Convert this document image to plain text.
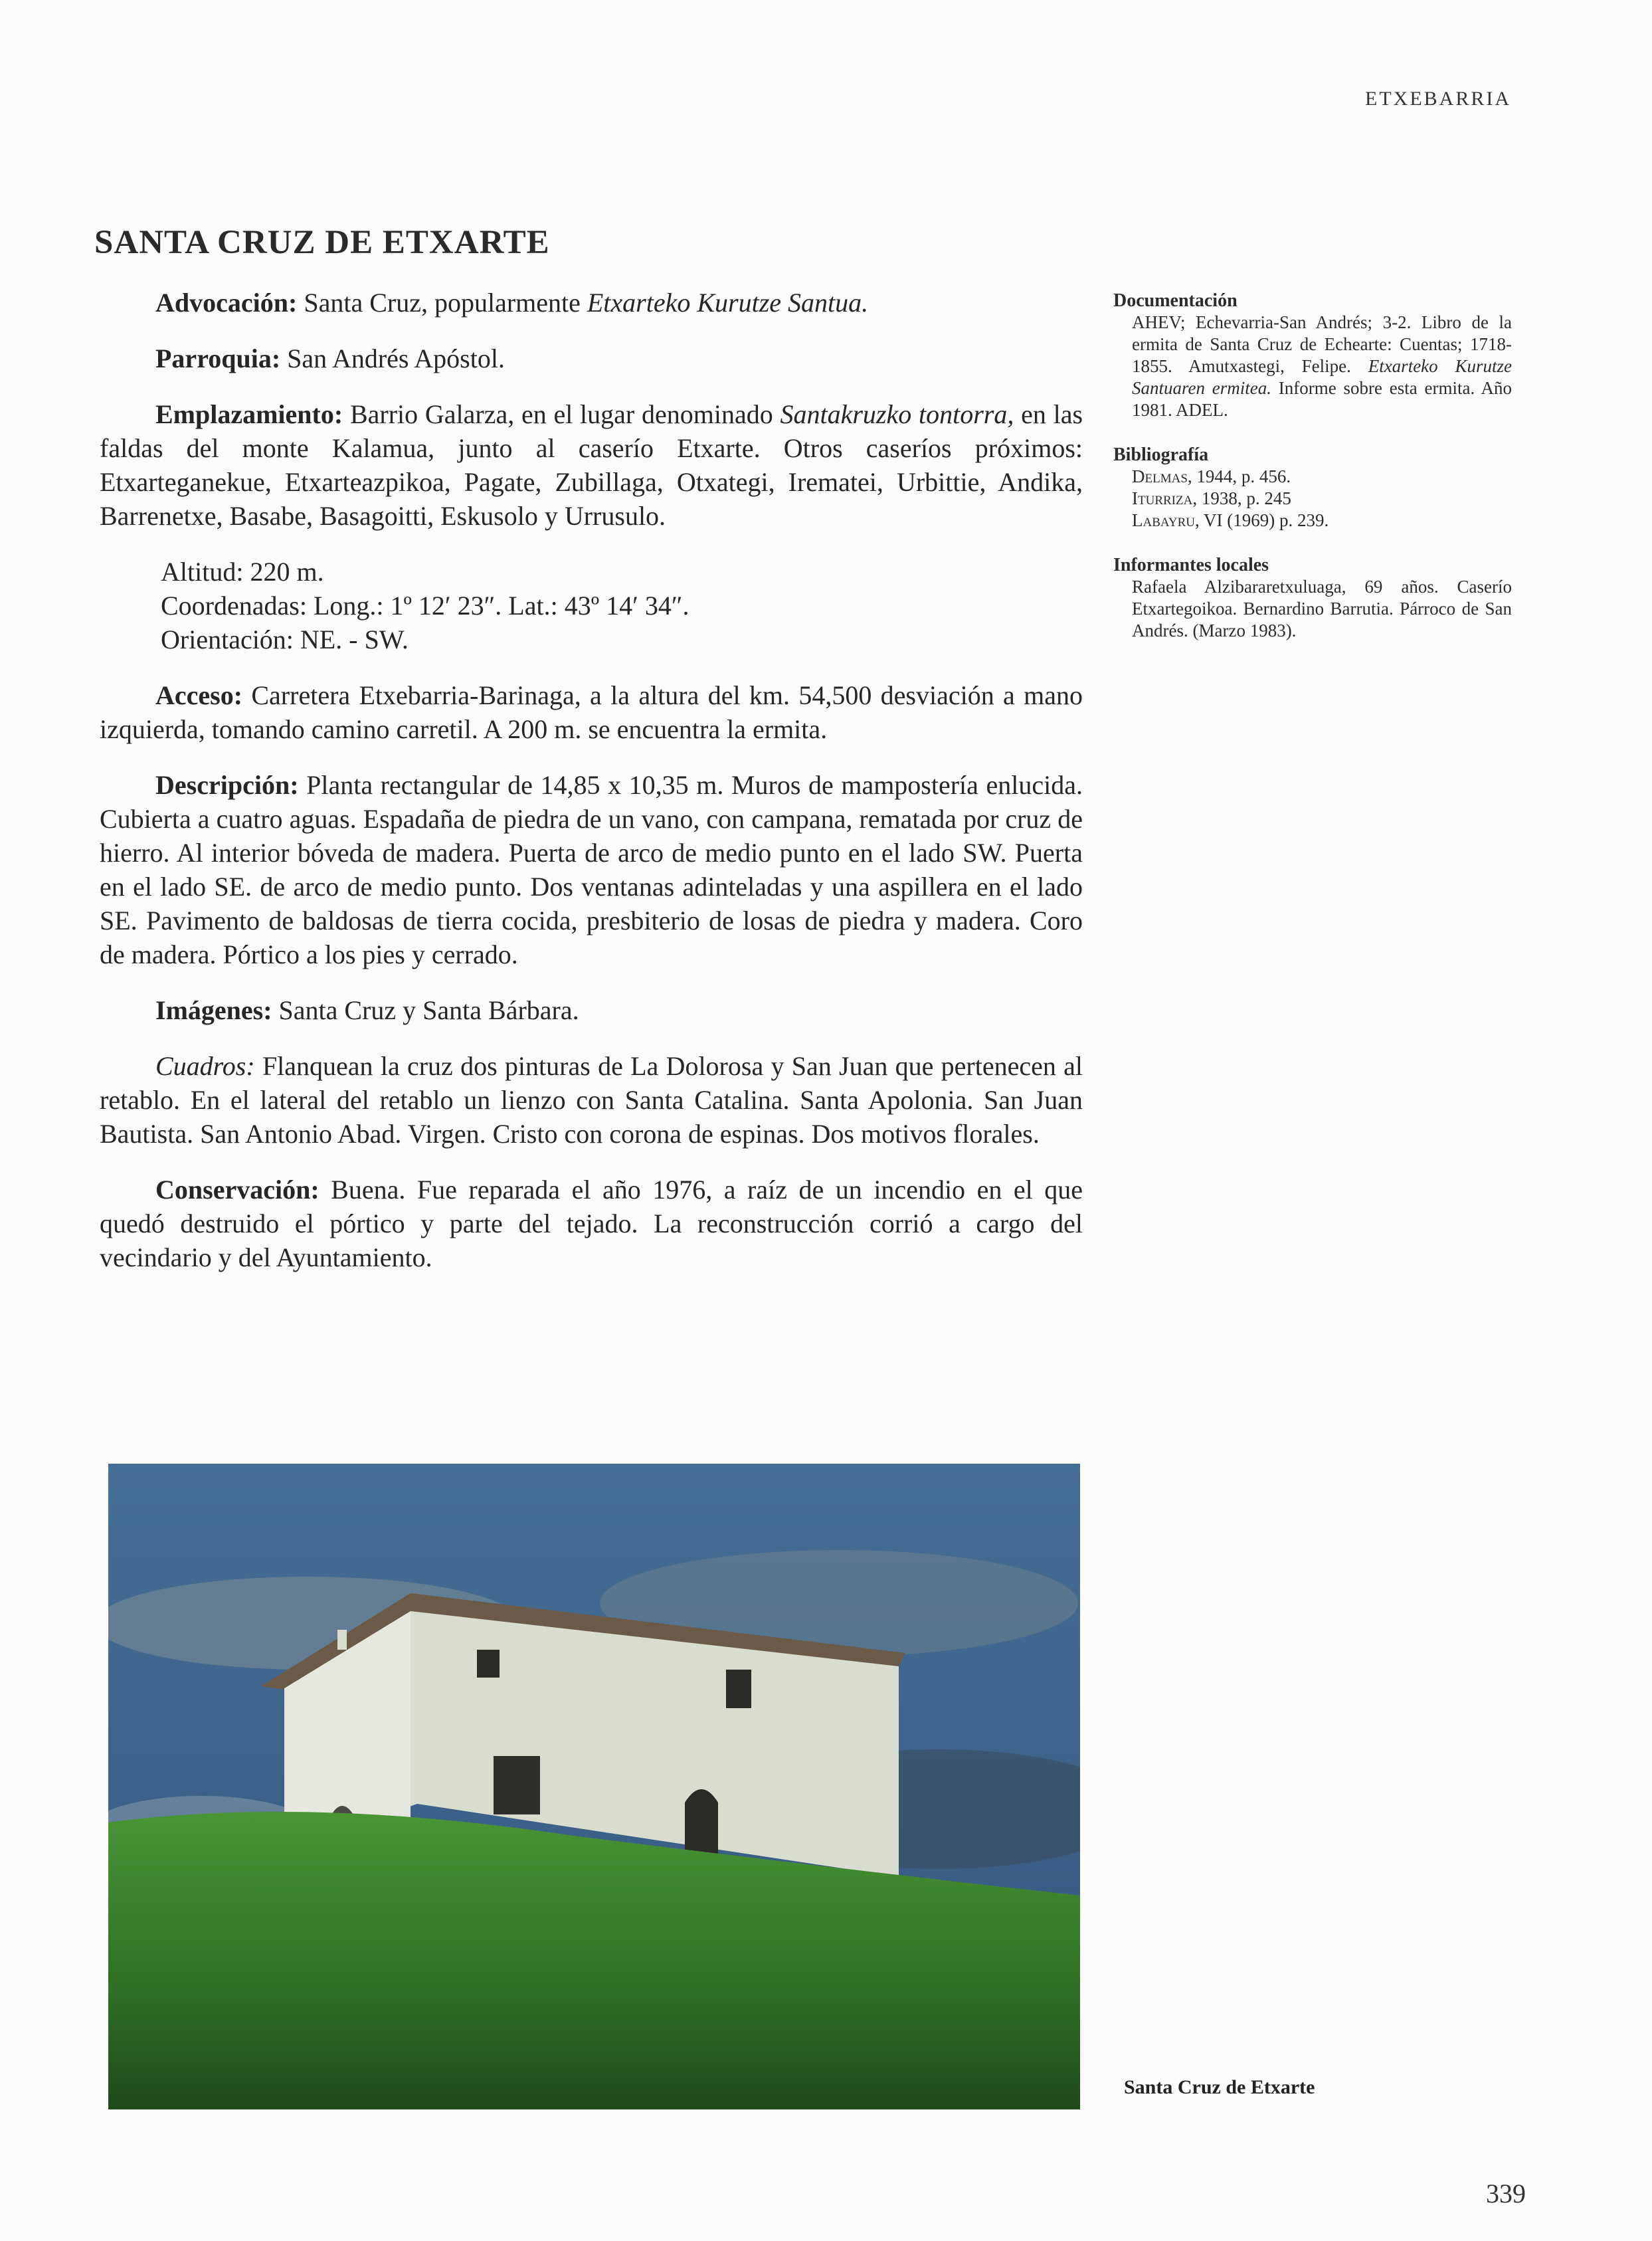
ETXEBARRIA
SANTA CRUZ DE ETXARTE

Advocación: Santa Cruz, popularmente Etxarteko Kurutze Santua.

Parroquia: San Andrés Apóstol.

Emplazamiento: Barrio Galarza, en el lugar denominado Santakruzko tontorra, en las faldas del monte Kalamua, junto al caserío Etxarte. Otros caseríos próximos: Etxarteganekue, Etxarteazpikoa, Pagate, Zubillaga, Otxategi, Irematei, Urbittie, Andika, Barrenetxe, Basabe, Basagoitti, Eskusolo y Urrusulo.

Altitud: 220 m.
Coordenadas: Long.: 1º 12′ 23″. Lat.: 43º 14′ 34″.
Orientación: NE. - SW.

Acceso: Carretera Etxebarria-Barinaga, a la altura del km. 54,500 desviación a mano izquierda, tomando camino carretil. A 200 m. se encuentra la ermita.

Descripción: Planta rectangular de 14,85 x 10,35 m. Muros de mampostería enlucida. Cubierta a cuatro aguas. Espadaña de piedra de un vano, con campana, rematada por cruz de hierro. Al interior bóveda de madera. Puerta de arco de medio punto en el lado SW. Puerta en el lado SE. de arco de medio punto. Dos ventanas adinteladas y una aspillera en el lado SE. Pavimento de baldosas de tierra cocida, presbiterio de losas de piedra y madera. Coro de madera. Pórtico a los pies y cerrado.

Imágenes: Santa Cruz y Santa Bárbara.

Cuadros: Flanquean la cruz dos pinturas de La Dolorosa y San Juan que pertenecen al retablo. En el lateral del retablo un lienzo con Santa Catalina. Santa Apolonia. San Juan Bautista. San Antonio Abad. Virgen. Cristo con corona de espinas. Dos motivos florales.

Conservación: Buena. Fue reparada el año 1976, a raíz de un incendio en el que quedó destruido el pórtico y parte del tejado. La reconstrucción corrió a cargo del vecindario y del Ayuntamiento.

Documentación
AHEV; Echevarria-San Andrés; 3-2. Libro de la ermita de Santa Cruz de Echearte: Cuentas; 1718-1855. Amutxastegi, Felipe. Etxarteko Kurutze Santuaren ermitea. Informe sobre esta ermita. Año 1981. ADEL.
Bibliografía
Delmas, 1944, p. 456.
Iturriza, 1938, p. 245
Labayru, VI (1969) p. 239.
Informantes locales
Rafaela Alzibararetxuluaga, 69 años. Caserío Etxartegoikoa. Bernardino Barrutia. Párroco de San Andrés. (Marzo 1983).
Santa Cruz de Etxarte
339
